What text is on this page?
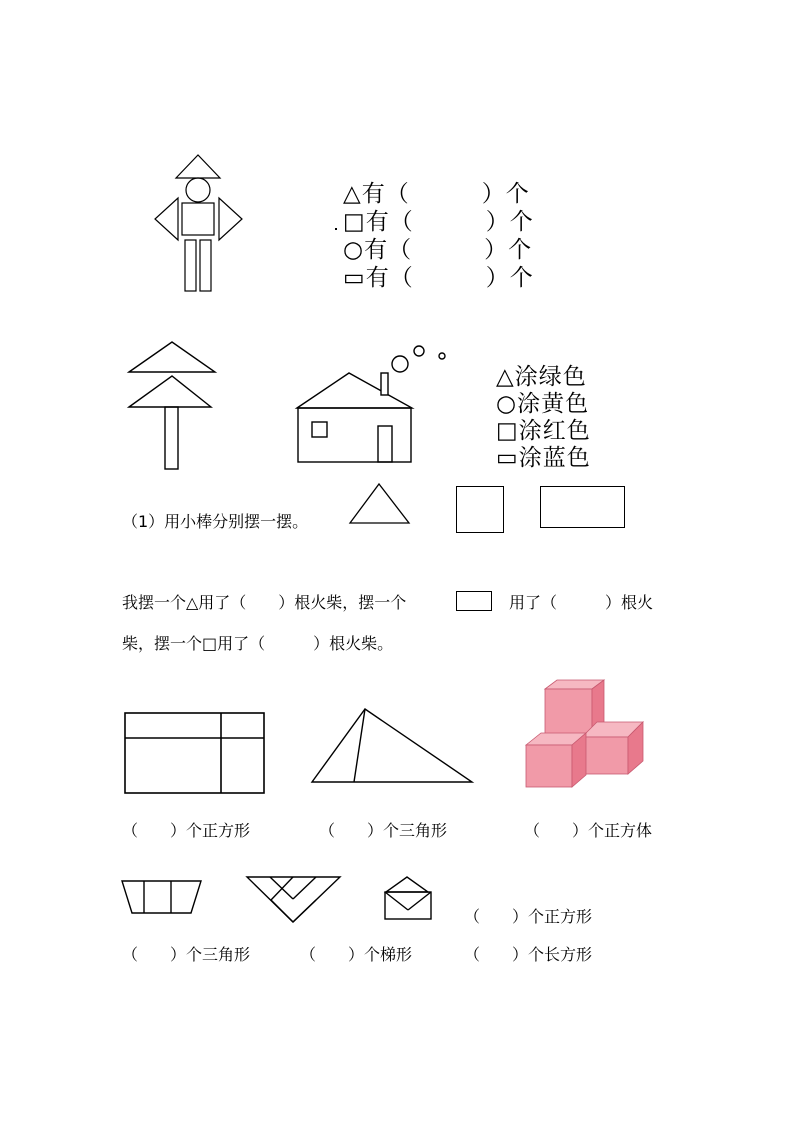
△有（　　　）个

□有（　　　）个

○有（　　　）个

▭有（　　　）个

△涂绿色

○涂黄色

□涂红色

▭涂蓝色

（1）用小棒分别摆一摆。
我摆一个△用了（　　）根火柴，摆一个	用了（　　　）根火
柴，摆一个□用了（　　　）根火柴。
（　　）个正方形	（　　）个三角形	（　　）个正方体
（　　）个正方形
（　　）个三角形	（　　）个梯形	（　　）个长方形
